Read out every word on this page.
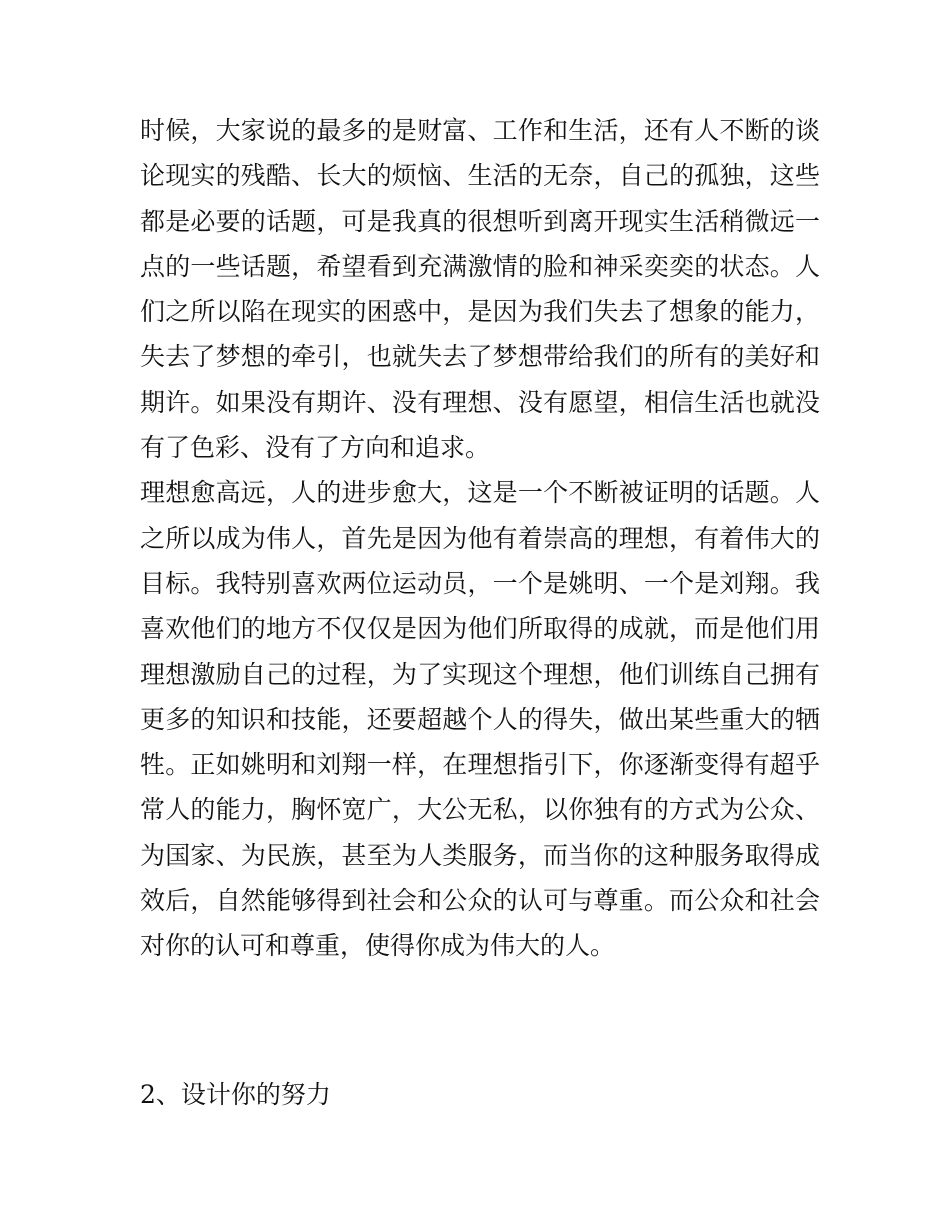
时候，大家说的最多的是财富、工作和生活，还有人不断的谈
论现实的残酷、长大的烦恼、生活的无奈，自己的孤独，这些
都是必要的话题，可是我真的很想听到离开现实生活稍微远一
点的一些话题，希望看到充满激情的脸和神采奕奕的状态。人
们之所以陷在现实的困惑中，是因为我们失去了想象的能力，
失去了梦想的牵引，也就失去了梦想带给我们的所有的美好和
期许。如果没有期许、没有理想、没有愿望，相信生活也就没
有了色彩、没有了方向和追求。
理想愈高远，人的进步愈大，这是一个不断被证明的话题。人
之所以成为伟人，首先是因为他有着崇高的理想，有着伟大的
目标。我特别喜欢两位运动员，一个是姚明、一个是刘翔。我
喜欢他们的地方不仅仅是因为他们所取得的成就，而是他们用
理想激励自己的过程，为了实现这个理想，他们训练自己拥有
更多的知识和技能，还要超越个人的得失，做出某些重大的牺
牲。正如姚明和刘翔一样，在理想指引下，你逐渐变得有超乎
常人的能力，胸怀宽广，大公无私，以你独有的方式为公众、
为国家、为民族，甚至为人类服务，而当你的这种服务取得成
效后，自然能够得到社会和公众的认可与尊重。而公众和社会
对你的认可和尊重，使得你成为伟大的人。
2、设计你的努力
